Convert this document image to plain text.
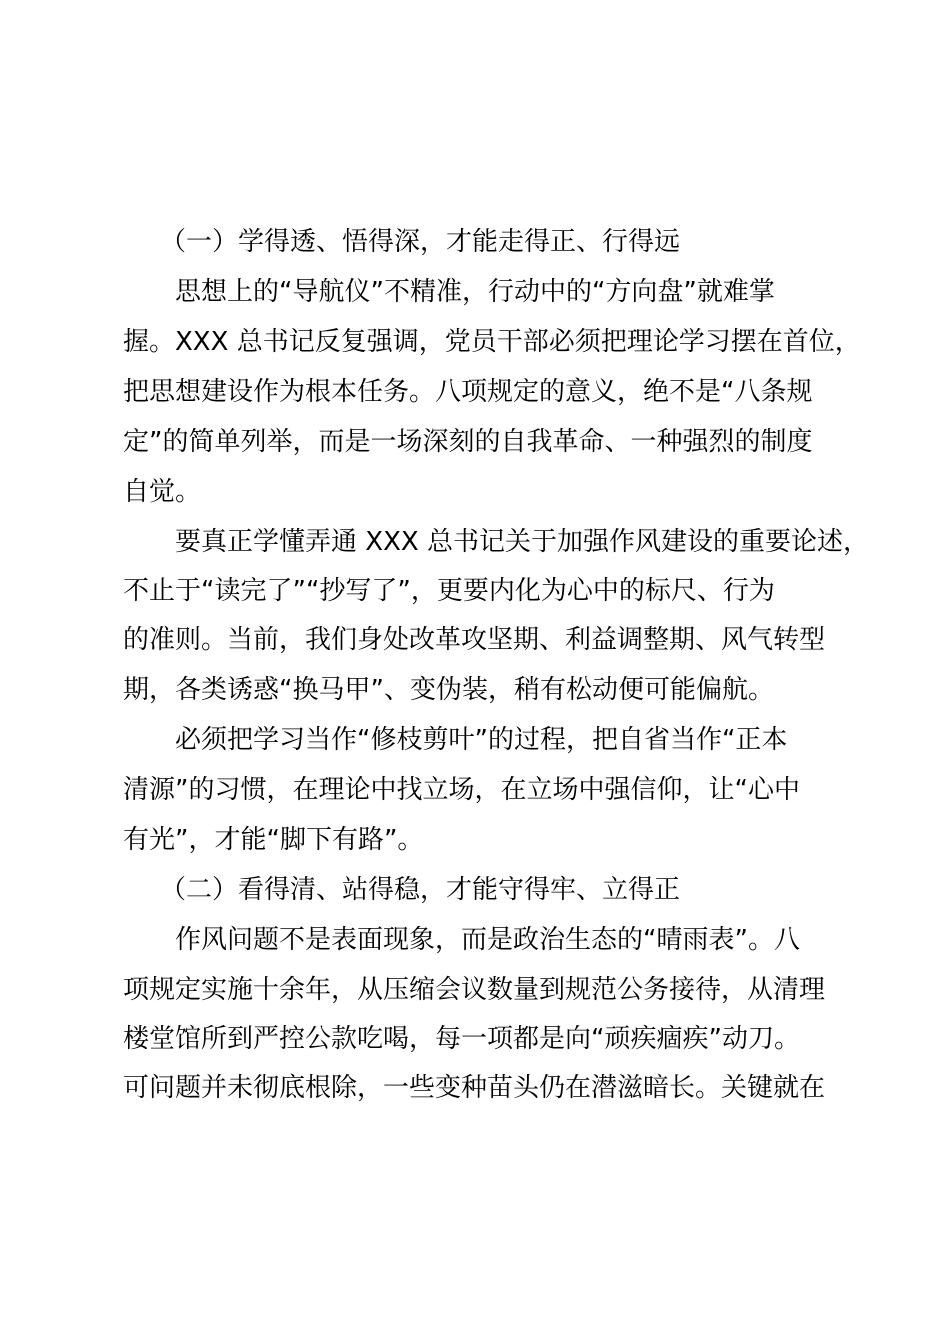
（一）学得透、悟得深，才能走得正、行得远
思想上的“导航仪”不精准，行动中的“方向盘”就难掌
握。XXX 总书记反复强调，党员干部必须把理论学习摆在首位，
把思想建设作为根本任务。八项规定的意义，绝不是“八条规
定”的简单列举，而是一场深刻的自我革命、一种强烈的制度
自觉。
要真正学懂弄通 XXX 总书记关于加强作风建设的重要论述，
不止于“读完了”“抄写了”，更要内化为心中的标尺、行为
的准则。当前，我们身处改革攻坚期、利益调整期、风气转型
期，各类诱惑“换马甲”、变伪装，稍有松动便可能偏航。
必须把学习当作“修枝剪叶”的过程，把自省当作“正本
清源”的习惯，在理论中找立场，在立场中强信仰，让“心中
有光”，才能“脚下有路”。
（二）看得清、站得稳，才能守得牢、立得正
作风问题不是表面现象，而是政治生态的“晴雨表”。八
项规定实施十余年，从压缩会议数量到规范公务接待，从清理
楼堂馆所到严控公款吃喝，每一项都是向“顽疾痼疾”动刀。
可问题并未彻底根除，一些变种苗头仍在潜滋暗长。关键就在
